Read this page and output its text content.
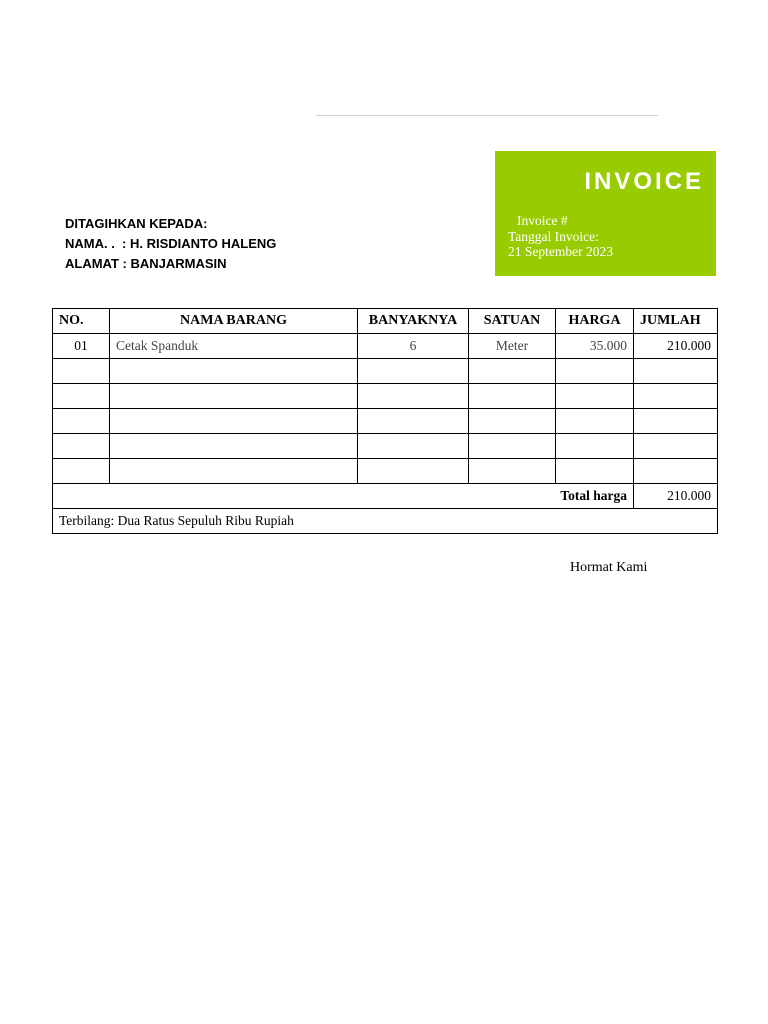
INVOICE
Invoice #
Tanggal Invoice:
21 September 2023
DITAGIHKAN KEPADA:
NAMA. .  : H. RISDIANTO HALENG
ALAMAT : BANJARMASIN
NO.	NAMA BARANG	BANYAKNYA	SATUAN	HARGA	JUMLAH
01	Cetak Spanduk	6	Meter	35.000	210.000

Total harga					210.000
Terbilang: Dua Ratus Sepuluh Ribu Rupiah					
Hormat Kami
